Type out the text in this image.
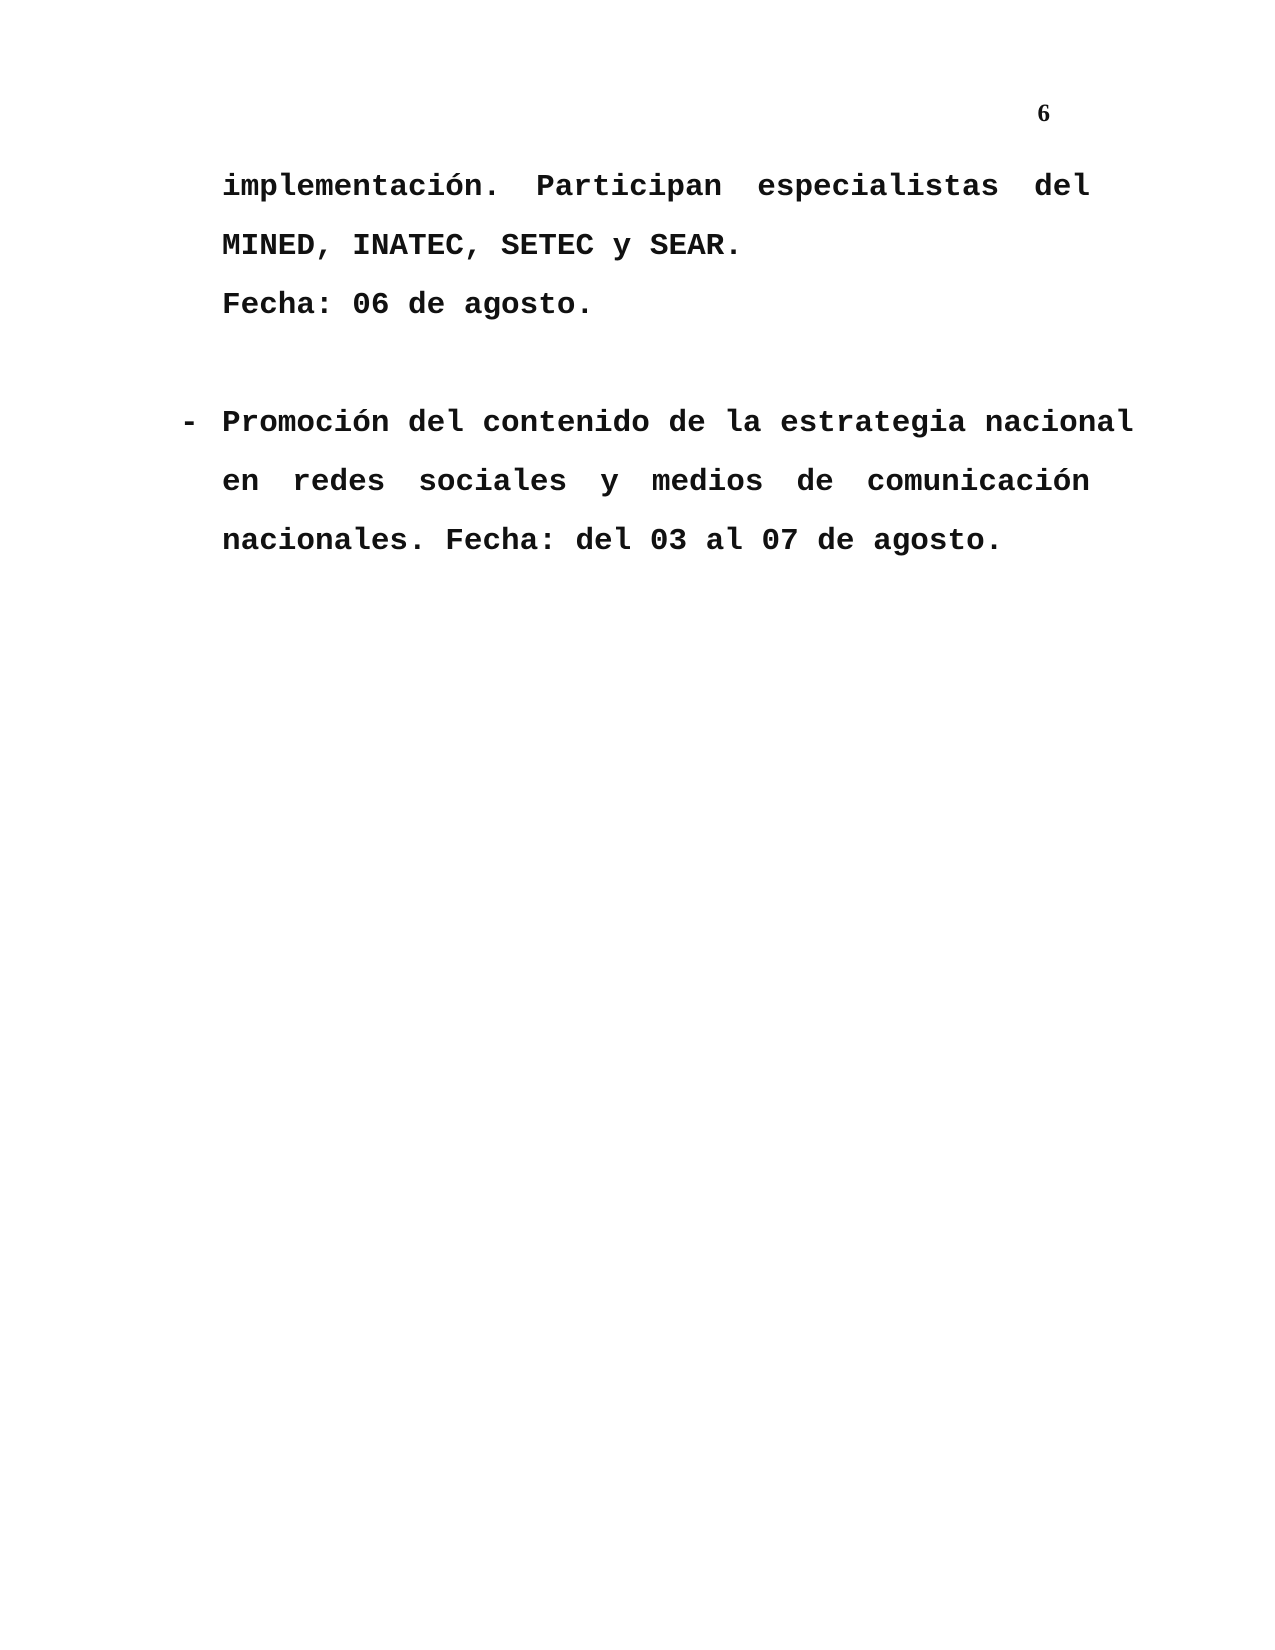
6
implementación. Participan especialistas del
MINED, INATEC, SETEC y SEAR.
Fecha: 06 de agosto.
- Promoción del contenido de la estrategia nacional
en redes sociales y medios de comunicación
nacionales. Fecha: del 03 al 07 de agosto.
